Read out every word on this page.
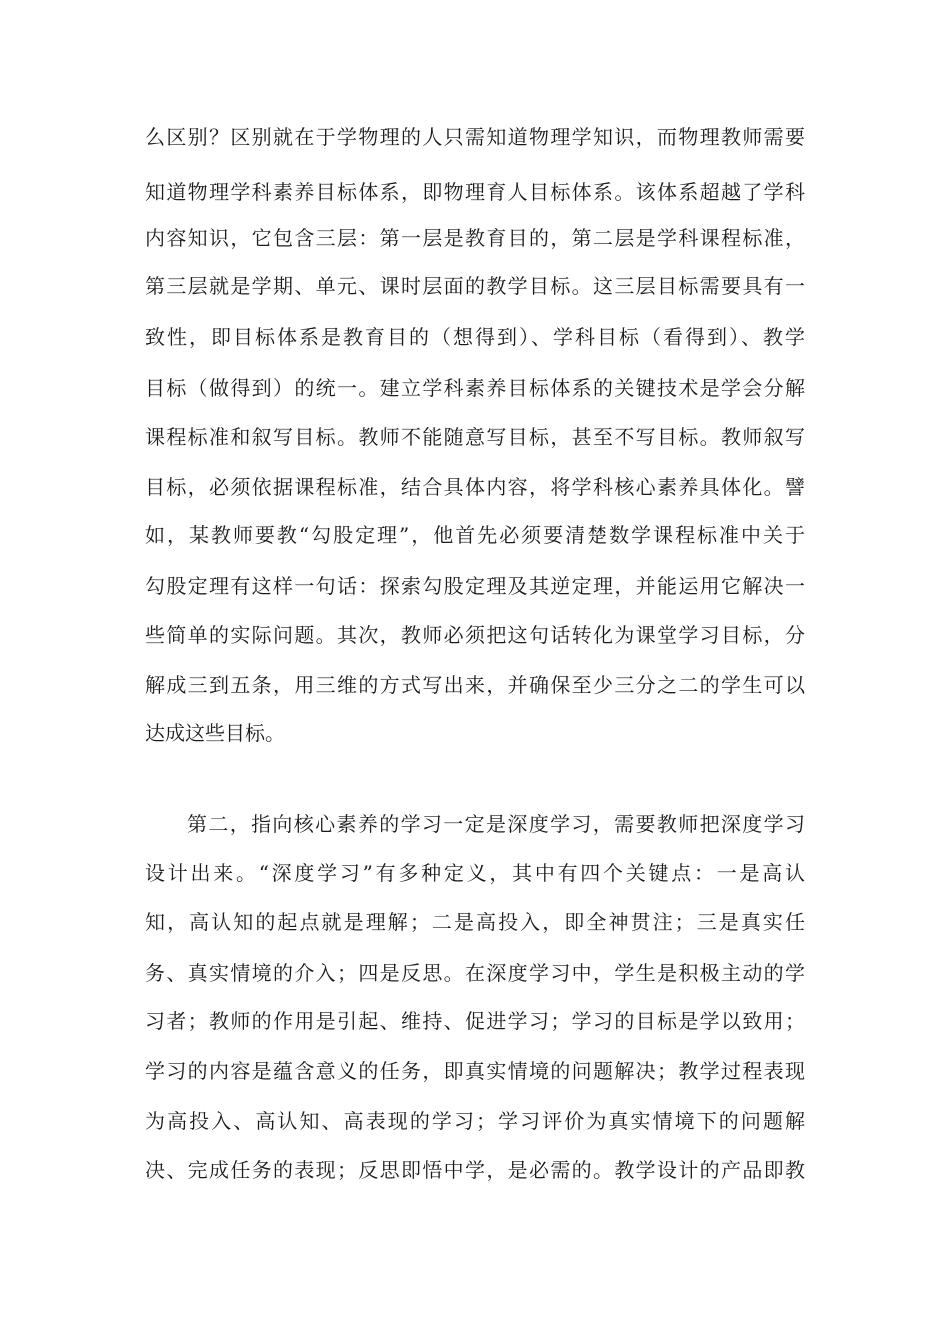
么区别？区别就在于学物理的人只需知道物理学知识，而物理教师需要
知道物理学科素养目标体系，即物理育人目标体系。该体系超越了学科
内容知识，它包含三层：第一层是教育目的，第二层是学科课程标准，
第三层就是学期、单元、课时层面的教学目标。这三层目标需要具有一
致性，即目标体系是教育目的（想得到）、学科目标（看得到）、教学
目标（做得到）的统一。建立学科素养目标体系的关键技术是学会分解
课程标准和叙写目标。教师不能随意写目标，甚至不写目标。教师叙写
目标，必须依据课程标准，结合具体内容，将学科核心素养具体化。譬
如，某教师要教“勾股定理”，他首先必须要清楚数学课程标准中关于
勾股定理有这样一句话：探索勾股定理及其逆定理，并能运用它解决一
些简单的实际问题。其次，教师必须把这句话转化为课堂学习目标，分
解成三到五条，用三维的方式写出来，并确保至少三分之二的学生可以
达成这些目标。
第二，指向核心素养的学习一定是深度学习，需要教师把深度学习
设计出来。“深度学习”有多种定义，其中有四个关键点：一是高认
知，高认知的起点就是理解；二是高投入，即全神贯注；三是真实任
务、真实情境的介入；四是反思。在深度学习中，学生是积极主动的学
习者；教师的作用是引起、维持、促进学习；学习的目标是学以致用；
学习的内容是蕴含意义的任务，即真实情境的问题解决；教学过程表现
为高投入、高认知、高表现的学习；学习评价为真实情境下的问题解
决、完成任务的表现；反思即悟中学，是必需的。教学设计的产品即教
